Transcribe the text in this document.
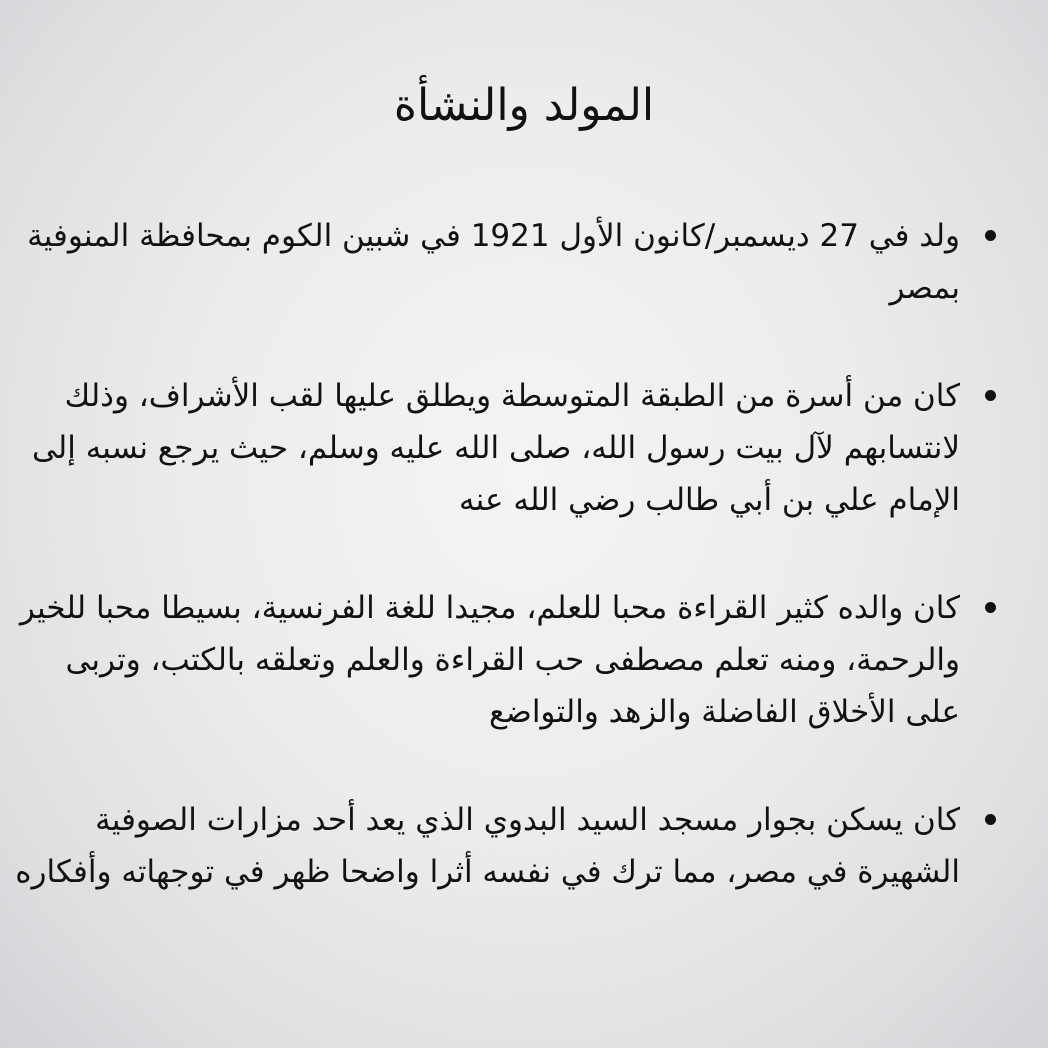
المولد والنشأة
ولد في 27 ديسمبر/كانون الأول 1921 في شبين الكوم بمحافظة المنوفية بمصر
كان من أسرة من الطبقة المتوسطة ويطلق عليها لقب الأشراف، وذلك لانتسابهم لآل بيت رسول الله، صلى الله عليه وسلم، حيث يرجع نسبه إلى الإمام علي بن أبي طالب رضي الله عنه
كان والده كثير القراءة محبا للعلم، مجيدا للغة الفرنسية، بسيطا محبا للخير والرحمة، ومنه تعلم مصطفى حب القراءة والعلم وتعلقه بالكتب، وتربى على الأخلاق الفاضلة والزهد والتواضع
كان يسكن بجوار مسجد السيد البدوي الذي يعد أحد مزارات الصوفية الشهيرة في مصر، مما ترك في نفسه أثرا واضحا ظهر في توجهاته وأفكاره
